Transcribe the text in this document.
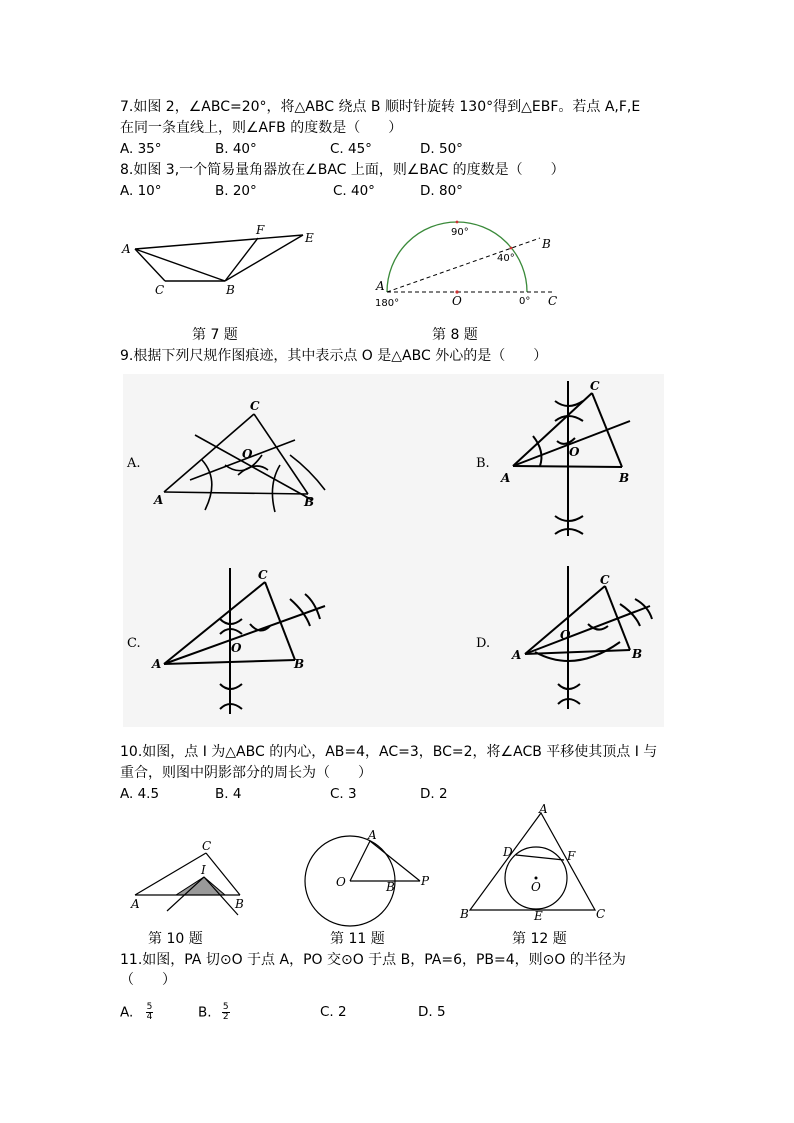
7.如图 2，∠ABC=20°，将△ABC 绕点 B 顺时针旋转 130°得到△EBF。若点 A,F,E
在同一条直线上，则∠AFB 的度数是（　　）
A. 35°	B. 40°	C. 45°	D. 50°
8.如图 3,一个简易量角器放在∠BAC 上面，则∠BAC 的度数是（　　）
A. 10°	B. 20°	C. 40°	D. 80°
A
F
E
C	B
第 7 题
90°
40°
180°	0°
A
O
B
C
第 8 题
9.根据下列尺规作图痕迹，其中表示点 O 是△ABC 外心的是（　　）
A.
C
O
A	B
B.
C
O
A	B
C.
C
O
A	B
D.
C
O
A	B
10.如图，点 I 为△ABC 的内心，AB=4，AC=3，BC=2，将∠ACB 平移使其顶点 I 与
重合，则图中阴影部分的周长为（　　）
A. 4.5	B. 4	C. 3	D. 2
C
I
A	B
第 10 题
A
O	B P
第 11 题
A
D	F
O
B	E	C
第 12 题
11.如图，PA 切⊙O 于点 A，PO 交⊙O 于点 B，PA=6，PB=4，则⊙O 的半径为
（　　）
A. $\frac{5}{4}$	B. $\frac{5}{2}$	C. 2	D. 5
